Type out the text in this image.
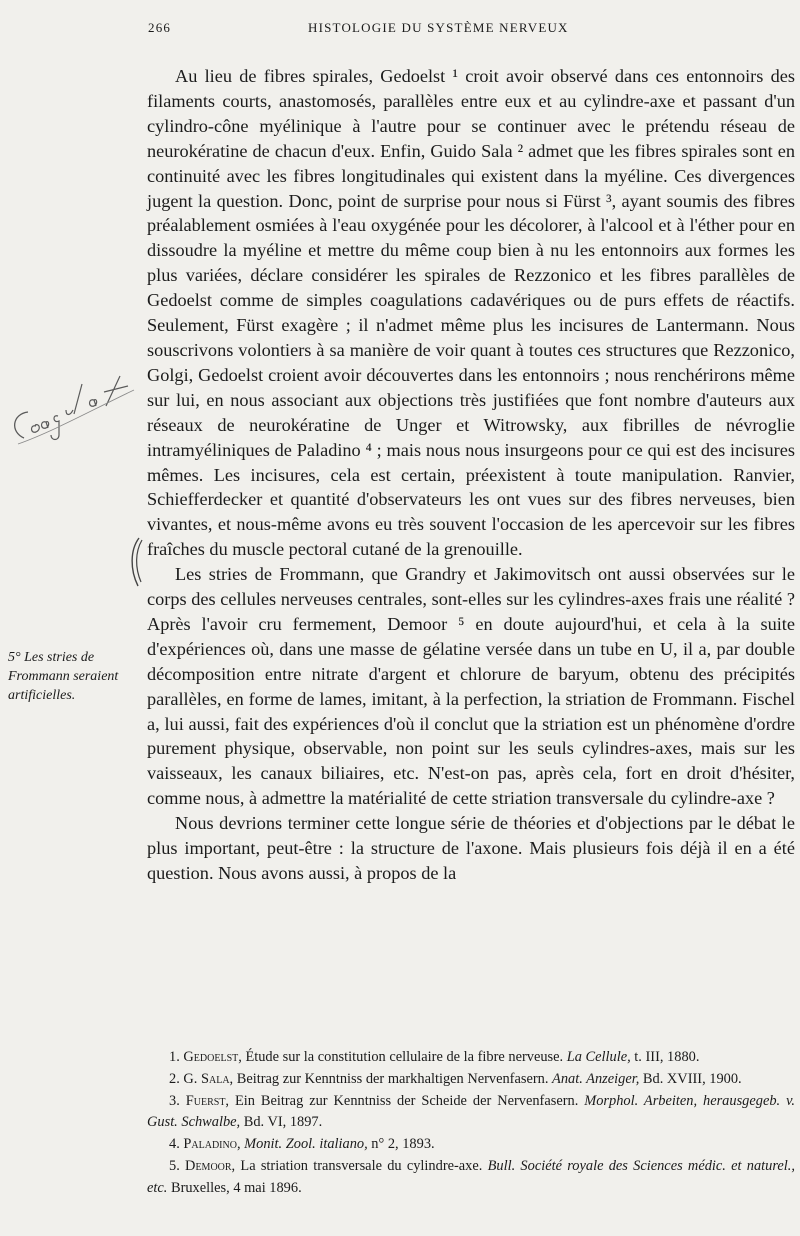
266	HISTOLOGIE DU SYSTÈME NERVEUX

Au lieu de fibres spirales, Gedoelst ¹ croit avoir observé dans ces entonnoirs des filaments courts, anastomosés, parallèles entre eux et au cylindre-axe et passant d'un cylindro-cône myélinique à l'autre pour se continuer avec le prétendu réseau de neurokératine de chacun d'eux. Enfin, Guido Sala ² admet que les fibres spirales sont en continuité avec les fibres longitudinales qui existent dans la myéline. Ces divergences jugent la question. Donc, point de surprise pour nous si Fürst ³, ayant soumis des fibres préalablement osmiées à l'eau oxygénée pour les décolorer, à l'alcool et à l'éther pour en dissoudre la myéline et mettre du même coup bien à nu les entonnoirs aux formes les plus variées, déclare considérer les spirales de Rezzonico et les fibres parallèles de Gedoelst comme de simples coagulations cadavériques ou de purs effets de réactifs. Seulement, Fürst exagère ; il n'admet même plus les incisures de Lantermann. Nous souscrivons volontiers à sa manière de voir quant à toutes ces structures que Rezzonico, Golgi, Gedoelst croient avoir découvertes dans les entonnoirs ; nous renchérirons même sur lui, en nous associant aux objections très justifiées que font nombre d'auteurs aux réseaux de neurokératine de Unger et Witrowsky, aux fibrilles de névroglie intramyéliniques de Paladino ⁴ ; mais nous nous insurgeons pour ce qui est des incisures mêmes. Les incisures, cela est certain, préexistent à toute manipulation. Ranvier, Schiefferdecker et quantité d'observateurs les ont vues sur des fibres nerveuses, bien vivantes, et nous-même avons eu très souvent l'occasion de les apercevoir sur les fibres fraîches du muscle pectoral cutané de la grenouille.

Les stries de Frommann, que Grandry et Jakimovitsch ont aussi observées sur le corps des cellules nerveuses centrales, sont-elles sur les cylindres-axes frais une réalité ? Après l'avoir cru fermement, Demoor ⁵ en doute aujourd'hui, et cela à la suite d'expériences où, dans une masse de gélatine versée dans un tube en U, il a, par double décomposition entre nitrate d'argent et chlorure de baryum, obtenu des précipités parallèles, en forme de lames, imitant, à la perfection, la striation de Frommann. Fischel a, lui aussi, fait des expériences d'où il conclut que la striation est un phénomène d'ordre purement physique, observable, non point sur les seuls cylindres-axes, mais sur les vaisseaux, les canaux biliaires, etc. N'est-on pas, après cela, fort en droit d'hésiter, comme nous, à admettre la matérialité de cette striation transversale du cylindre-axe ?

Nous devrions terminer cette longue série de théories et d'objections par le débat le plus important, peut-être : la structure de l'axone. Mais plusieurs fois déjà il en a été question. Nous avons aussi, à propos de la

5° Les stries de Frommann seraient artificielles.

1. Gedoelst, Étude sur la constitution cellulaire de la fibre nerveuse. La Cellule, t. III, 1880.

2. G. Sala, Beitrag zur Kenntniss der markhaltigen Nervenfasern. Anat. Anzeiger, Bd. XVIII, 1900.

3. Fuerst, Ein Beitrag zur Kenntniss der Scheide der Nervenfasern. Morphol. Arbeiten, herausgegeb. v. Gust. Schwalbe, Bd. VI, 1897.

4. Paladino, Monit. Zool. italiano, n° 2, 1893.

5. Demoor, La striation transversale du cylindre-axe. Bull. Société royale des Sciences médic. et naturel., etc. Bruxelles, 4 mai 1896.
